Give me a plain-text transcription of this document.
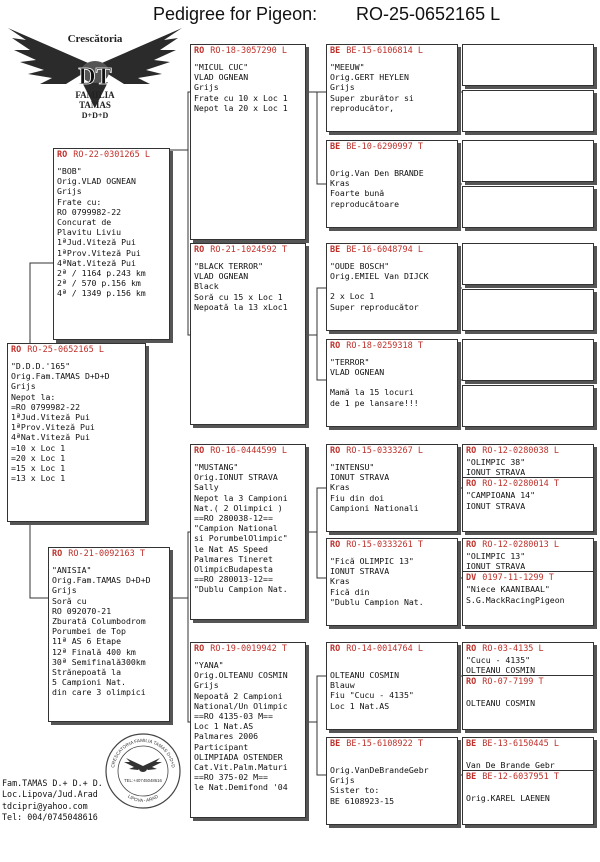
Pedigree for Pigeon: RO-25-0652165 L
Crescătoria
DT
FAMILIA
TAMAS
D+D+D
RO RO-25-0652165 L
"D.D.D.'165"
Orig.Fam.TAMAS D+D+D
Grijs
Nepot la:
=RO 0799982-22
1ªJud.Viteză Pui
1ªProv.Viteză Pui
4ªNat.Viteză Pui
=10 x Loc 1
=20 x Loc 1
=15 x Loc 1
=13 x Loc 1
RO RO-22-0301265 L
"BOB"
Orig.VLAD OGNEAN
Grijs
Frate cu:
RO 0799982-22
Concurat de
Plavitu Liviu
1ªJud.Viteză Pui
1ªProv.Viteză Pui
4ªNat.Viteză Pui
2ª / 1164 p.243 km
2ª / 570 p.156 km
4ª / 1349 p.156 km
RO RO-21-0092163 T
"ANISIA"
Orig.Fam.TAMAS D+D+D
Grijs
Soră cu
RO 092070-21
Zburată Columbodrom
Porumbei de Top
11ª AS 6 Etape
12ª Finală 400 km
30ª Semifinală300km
Strănepoată la
5 Campioni Nat.
din care 3 olimpici
RO RO-18-3057290 L
"MICUL CUC"
VLAD OGNEAN
Grijs
Frate cu 10 x Loc 1
Nepot la 20 x Loc 1
RO RO-21-1024592 T
"BLACK TERROR"
VLAD OGNEAN
Black
Soră cu 15 x Loc 1
Nepoată la 13 xLoc1
RO RO-16-0444599 L
"MUSTANG"
Orig.IONUT STRAVA
Sally
Nepot la 3 Campioni
Nat.( 2 Olimpici )
==RO 280038-12==
"Campion National
si PorumbelOlimpic"
le Nat AS Speed
Palmares Tineret
OlimpicBudapesta
==RO 280013-12==
"Dublu Campion Nat.
RO RO-19-0019942 T
"YANA"
Orig.OLTEANU COSMIN
Grijs
Nepoată 2 Campioni
National/Un Olimpic
==RO 4135-03 M==
Loc 1 Nat.AS
Palmares 2006
Participant
OLIMPIADA OSTENDER
Cat.Vit.Palm.Maturi
==RO 375-02 M==
le Nat.Demifond '04
BE BE-15-6106814 L
"MEEUW"
Orig.GERT HEYLEN
Grijs
Super zburător si
reproducător,
BE BE-10-6290997 T
Orig.Van Den BRANDE
Kras
Foarte bună
reproducătoare
BE BE-16-6048794 L
"OUDE BOSCH"
Orig.EMIEL Van DIJCK
2 x Loc 1
Super reproducător
RO RO-18-0259318 T
"TERROR"
VLAD OGNEAN
Mamă la 15 locuri
de 1 pe lansare!!!
RO RO-15-0333267 L
"INTENSU"
IONUT STRAVA
Kras
Fiu din doi
Campioni Nationali
RO RO-15-0333261 T
"Fică OLIMPIC 13"
IONUT STRAVA
Kras
Fică din
"Dublu Campion Nat.
RO RO-14-0014764 L
OLTEANU COSMIN
Blauw
Fiu "Cucu - 4135"
Loc 1 Nat.AS
BE BE-15-6108922 T
Orig.VanDeBrandeGebr
Grijs
Sister to:
BE 6108923-15
RO RO-12-0280038 L
"OLIMPIC 38"
IONUT STRAVA
RO RO-12-0280014 T
"CAMPIOANA 14"
IONUT STRAVA
RO RO-12-0280013 L
"OLIMPIC 13"
IONUT STRAVA
DV 0197-11-1299 T
"Niece KAANIBAAL"
S.G.MackRacingPigeon
RO RO-03-4135 L
"Cucu - 4135"
OLTEANU COSMIN
RO RO-07-7199 T
OLTEANU COSMIN
BE BE-13-6150445 L
Van De Brande Gebr
BE BE-12-6037951 T
Orig.KAREL LAENEN
CRESCATORIA FAMILIA TAMAS D+D+D
TEL:+40745048616
LIPOVA - ARAD
Fam.TAMAS D.+ D.+ D.
Loc.Lipova/Jud.Arad
tdcipri@yahoo.com
Tel: 004/0745048616
